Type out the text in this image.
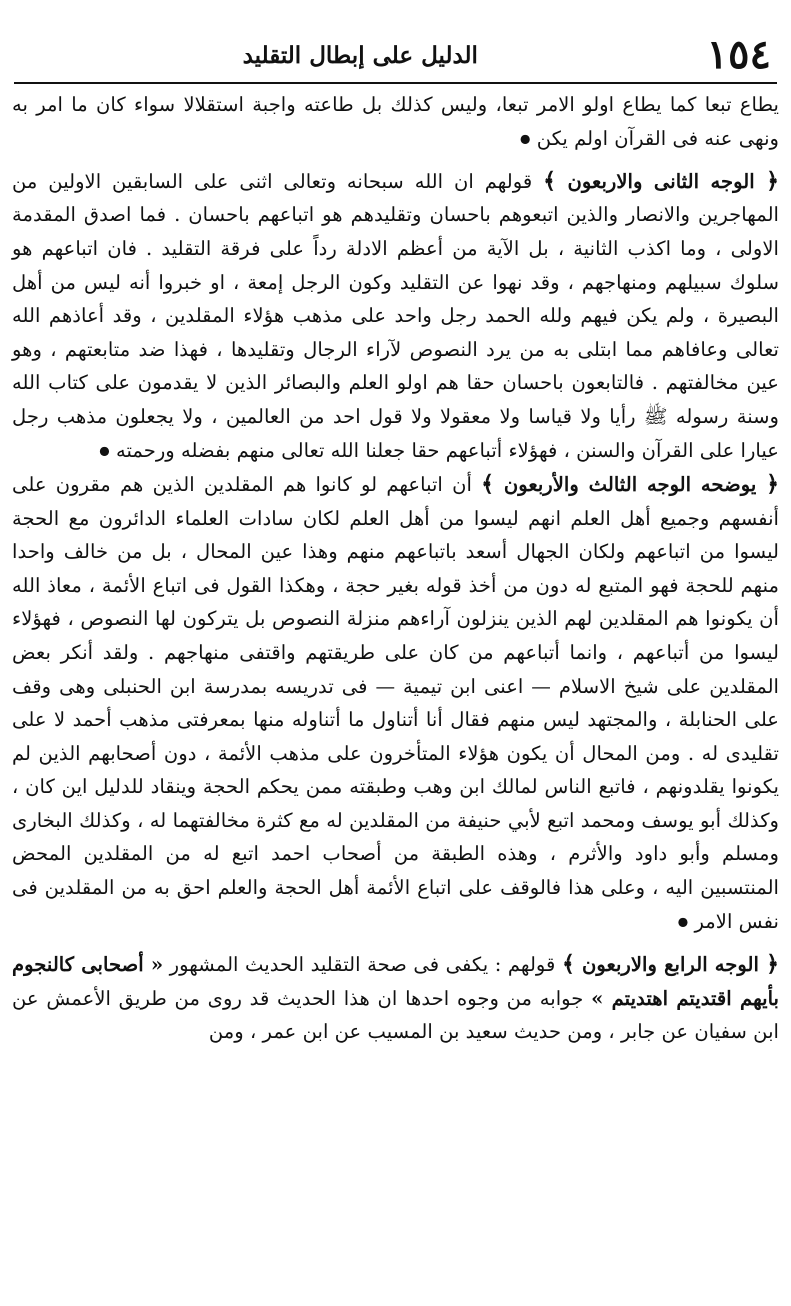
١٥٤
الدليل على إبطال التقليد

يطاع تبعا كما يطاع اولو الامر تبعا، وليس كذلك بل طاعته واجبة استقلالا سواء كان ما امر به ونهى عنه فى القرآن اولم يكن ●

﴿ الوجه الثانى والاربعون ﴾ قولهم ان الله سبحانه وتعالى اثنى على السابقين الاولين من المهاجرين والانصار والذين اتبعوهم باحسان وتقليدهم هو اتباعهم باحسان . فما اصدق المقدمة الاولى ، وما اكذب الثانية ، بل الآية من أعظم الادلة رداً على فرقة التقليد . فان اتباعهم هو سلوك سبيلهم ومنهاجهم ، وقد نهوا عن التقليد وكون الرجل إمعة ، او خبروا أنه ليس من أهل البصيرة ، ولم يكن فيهم ولله الحمد رجل واحد على مذهب هؤلاء المقلدين ، وقد أعاذهم الله تعالى وعافاهم مما ابتلى به من يرد النصوص لآراء الرجال وتقليدها ، فهذا ضد متابعتهم ، وهو عين مخالفتهم . فالتابعون باحسان حقا هم اولو العلم والبصائر الذين لا يقدمون على كتاب الله وسنة رسوله ﷺ رأيا ولا قياسا ولا معقولا ولا قول احد من العالمين ، ولا يجعلون مذهب رجل عيارا على القرآن والسنن ، فهؤلاء أتباعهم حقا جعلنا الله تعالى منهم بفضله ورحمته ●

﴿ يوضحه الوجه الثالث والأربعون ﴾ أن اتباعهم لو كانوا هم المقلدين الذين هم مقرون على أنفسهم وجميع أهل العلم انهم ليسوا من أهل العلم لكان سادات العلماء الدائرون مع الحجة ليسوا من اتباعهم ولكان الجهال أسعد باتباعهم منهم وهذا عين المحال ، بل من خالف واحدا منهم للحجة فهو المتبع له دون من أخذ قوله بغير حجة ، وهكذا القول فى اتباع الأئمة ، معاذ الله أن يكونوا هم المقلدين لهم الذين ينزلون آراءهم منزلة النصوص بل يتركون لها النصوص ، فهؤلاء ليسوا من أتباعهم ، وانما أتباعهم من كان على طريقتهم واقتفى منهاجهم . ولقد أنكر بعض المقلدين على شيخ الاسلام — اعنى ابن تيمية — فى تدريسه بمدرسة ابن الحنبلى وهى وقف على الحنابلة ، والمجتهد ليس منهم فقال أنا أتناول ما أتناوله منها بمعرفتى مذهب أحمد لا على تقليدى له . ومن المحال أن يكون هؤلاء المتأخرون على مذهب الأئمة ، دون أصحابهم الذين لم يكونوا يقلدونهم ، فاتبع الناس لمالك ابن وهب وطبقته ممن يحكم الحجة وينقاد للدليل اين كان ، وكذلك أبو يوسف ومحمد اتبع لأبي حنيفة من المقلدين له مع كثرة مخالفتهما له ، وكذلك البخارى ومسلم وأبو داود والأثرم ، وهذه الطبقة من أصحاب احمد اتبع له من المقلدين المحض المنتسبين اليه ، وعلى هذا فالوقف على اتباع الأئمة أهل الحجة والعلم احق به من المقلدين فى نفس الامر ●

﴿ الوجه الرابع والاربعون ﴾ قولهم : يكفى فى صحة التقليد الحديث المشهور « أصحابى كالنجوم بأيهم اقتديتم اهتديتم » جوابه من وجوه احدها ان هذا الحديث قد روى من طريق الأعمش عن ابن سفيان عن جابر ، ومن حديث سعيد بن المسيب عن ابن عمر ، ومن
